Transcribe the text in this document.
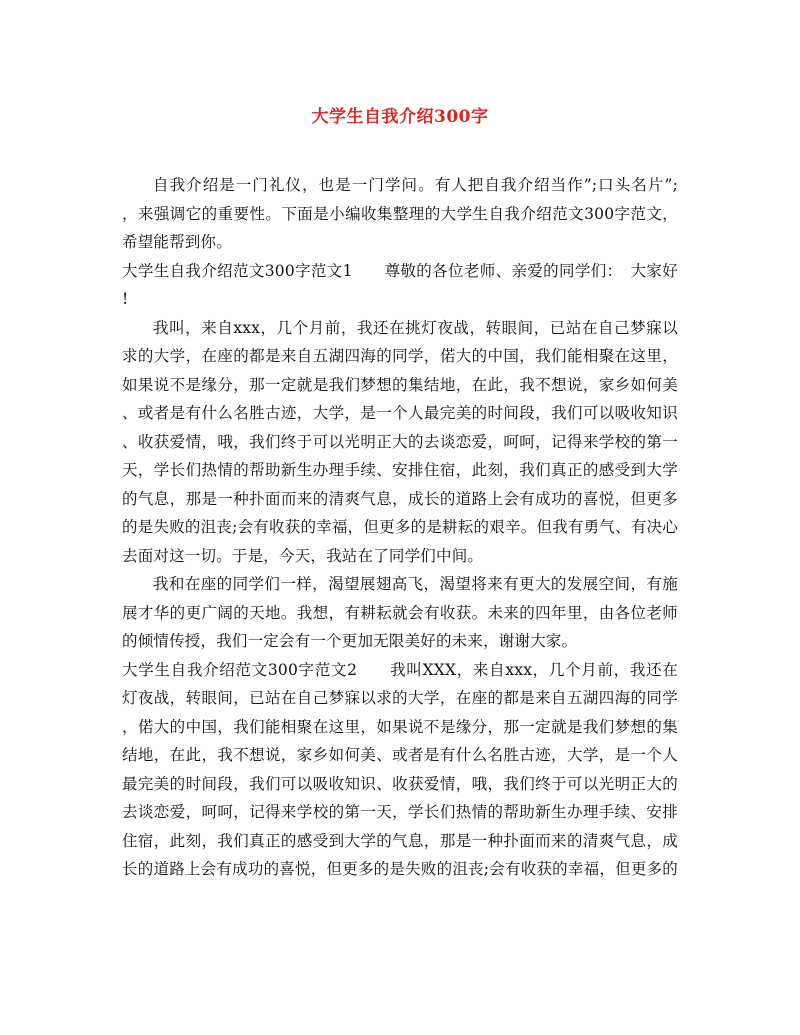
大学生自我介绍300字
自我介绍是一门礼仪，也是一门学问。有人把自我介绍当作”;口头名片”;
，来强调它的重要性。下面是小编收集整理的大学生自我介绍范文300字范文，
希望能帮到你。
大学生自我介绍范文300字范文1　　尊敬的各位老师、亲爱的同学们：　大家好
!
我叫，来自xxx，几个月前，我还在挑灯夜战，转眼间，已站在自己梦寐以
求的大学，在座的都是来自五湖四海的同学，偌大的中国，我们能相聚在这里，
如果说不是缘分，那一定就是我们梦想的集结地，在此，我不想说，家乡如何美
、或者是有什么名胜古迹，大学，是一个人最完美的时间段，我们可以吸收知识
、收获爱情，哦，我们终于可以光明正大的去谈恋爱，呵呵，记得来学校的第一
天，学长们热情的帮助新生办理手续、安排住宿，此刻，我们真正的感受到大学
的气息，那是一种扑面而来的清爽气息，成长的道路上会有成功的喜悦，但更多
的是失败的沮丧;会有收获的幸福，但更多的是耕耘的艰辛。但我有勇气、有决心
去面对这一切。于是，今天，我站在了同学们中间。
我和在座的同学们一样，渴望展翅高飞，渴望将来有更大的发展空间，有施
展才华的更广阔的天地。我想，有耕耘就会有收获。未来的四年里，由各位老师
的倾情传授，我们一定会有一个更加无限美好的未来，谢谢大家。
大学生自我介绍范文300字范文2　　我叫XXX，来自xxx，几个月前，我还在
灯夜战，转眼间，已站在自己梦寐以求的大学，在座的都是来自五湖四海的同学
，偌大的中国，我们能相聚在这里，如果说不是缘分，那一定就是我们梦想的集
结地，在此，我不想说，家乡如何美、或者是有什么名胜古迹，大学，是一个人
最完美的时间段，我们可以吸收知识、收获爱情，哦，我们终于可以光明正大的
去谈恋爱，呵呵，记得来学校的第一天，学长们热情的帮助新生办理手续、安排
住宿，此刻，我们真正的感受到大学的气息，那是一种扑面而来的清爽气息，成
长的道路上会有成功的喜悦，但更多的是失败的沮丧;会有收获的幸福，但更多的
